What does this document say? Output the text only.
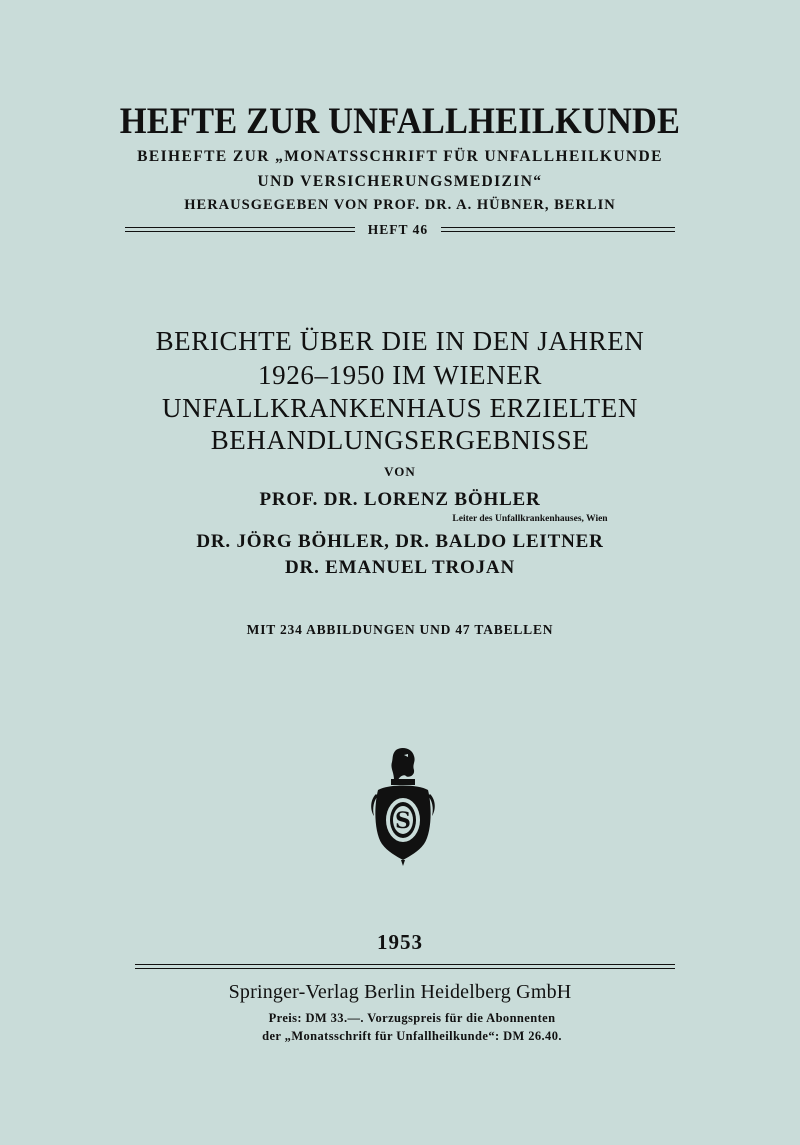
HEFTE ZUR UNFALLHEILKUNDE
BEIHEFTE ZUR „MONATSSCHRIFT FÜR UNFALLHEILKUNDE
UND VERSICHERUNGSMEDIZIN“
HERAUSGEGEBEN VON PROF. DR. A. HÜBNER, BERLIN
HEFT 46
BERICHTE ÜBER DIE IN DEN JAHREN
1926–1950 IM WIENER
UNFALLKRANKENHAUS ERZIELTEN
BEHANDLUNGSERGEBNISSE
VON
PROF. DR. LORENZ BÖHLER
Leiter des Unfallkrankenhauses, Wien
DR. JÖRG BÖHLER, DR. BALDO LEITNER
DR. EMANUEL TROJAN
MIT 234 ABBILDUNGEN UND 47 TABELLEN
S
1953
Springer-Verlag Berlin Heidelberg GmbH
Preis: DM 33.—. Vorzugspreis für die Abonnenten
der „Monatsschrift für Unfallheilkunde“: DM 26.40.
